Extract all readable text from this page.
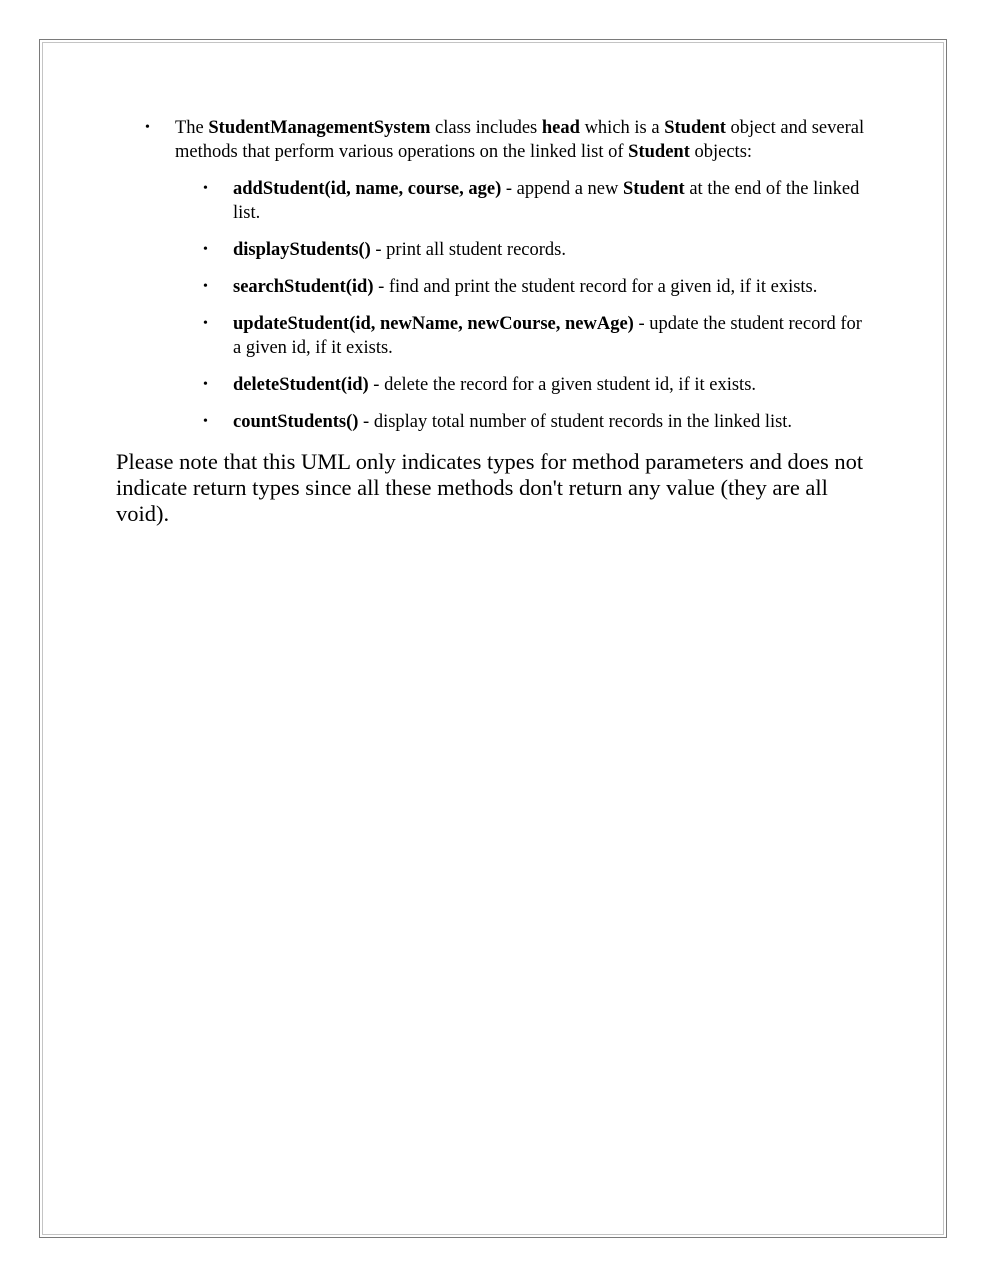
• The StudentManagementSystem class includes head which is a Student object and several methods that perform various operations on the linked list of Student objects:
• addStudent(id, name, course, age) - append a new Student at the end of the linked list.
• displayStudents() - print all student records.
• searchStudent(id) - find and print the student record for a given id, if it exists.
• updateStudent(id, newName, newCourse, newAge) - update the student record for a given id, if it exists.
• deleteStudent(id) - delete the record for a given student id, if it exists.
• countStudents() - display total number of student records in the linked list.

Please note that this UML only indicates types for method parameters and does not indicate return types since all these methods don't return any value (they are all void).
